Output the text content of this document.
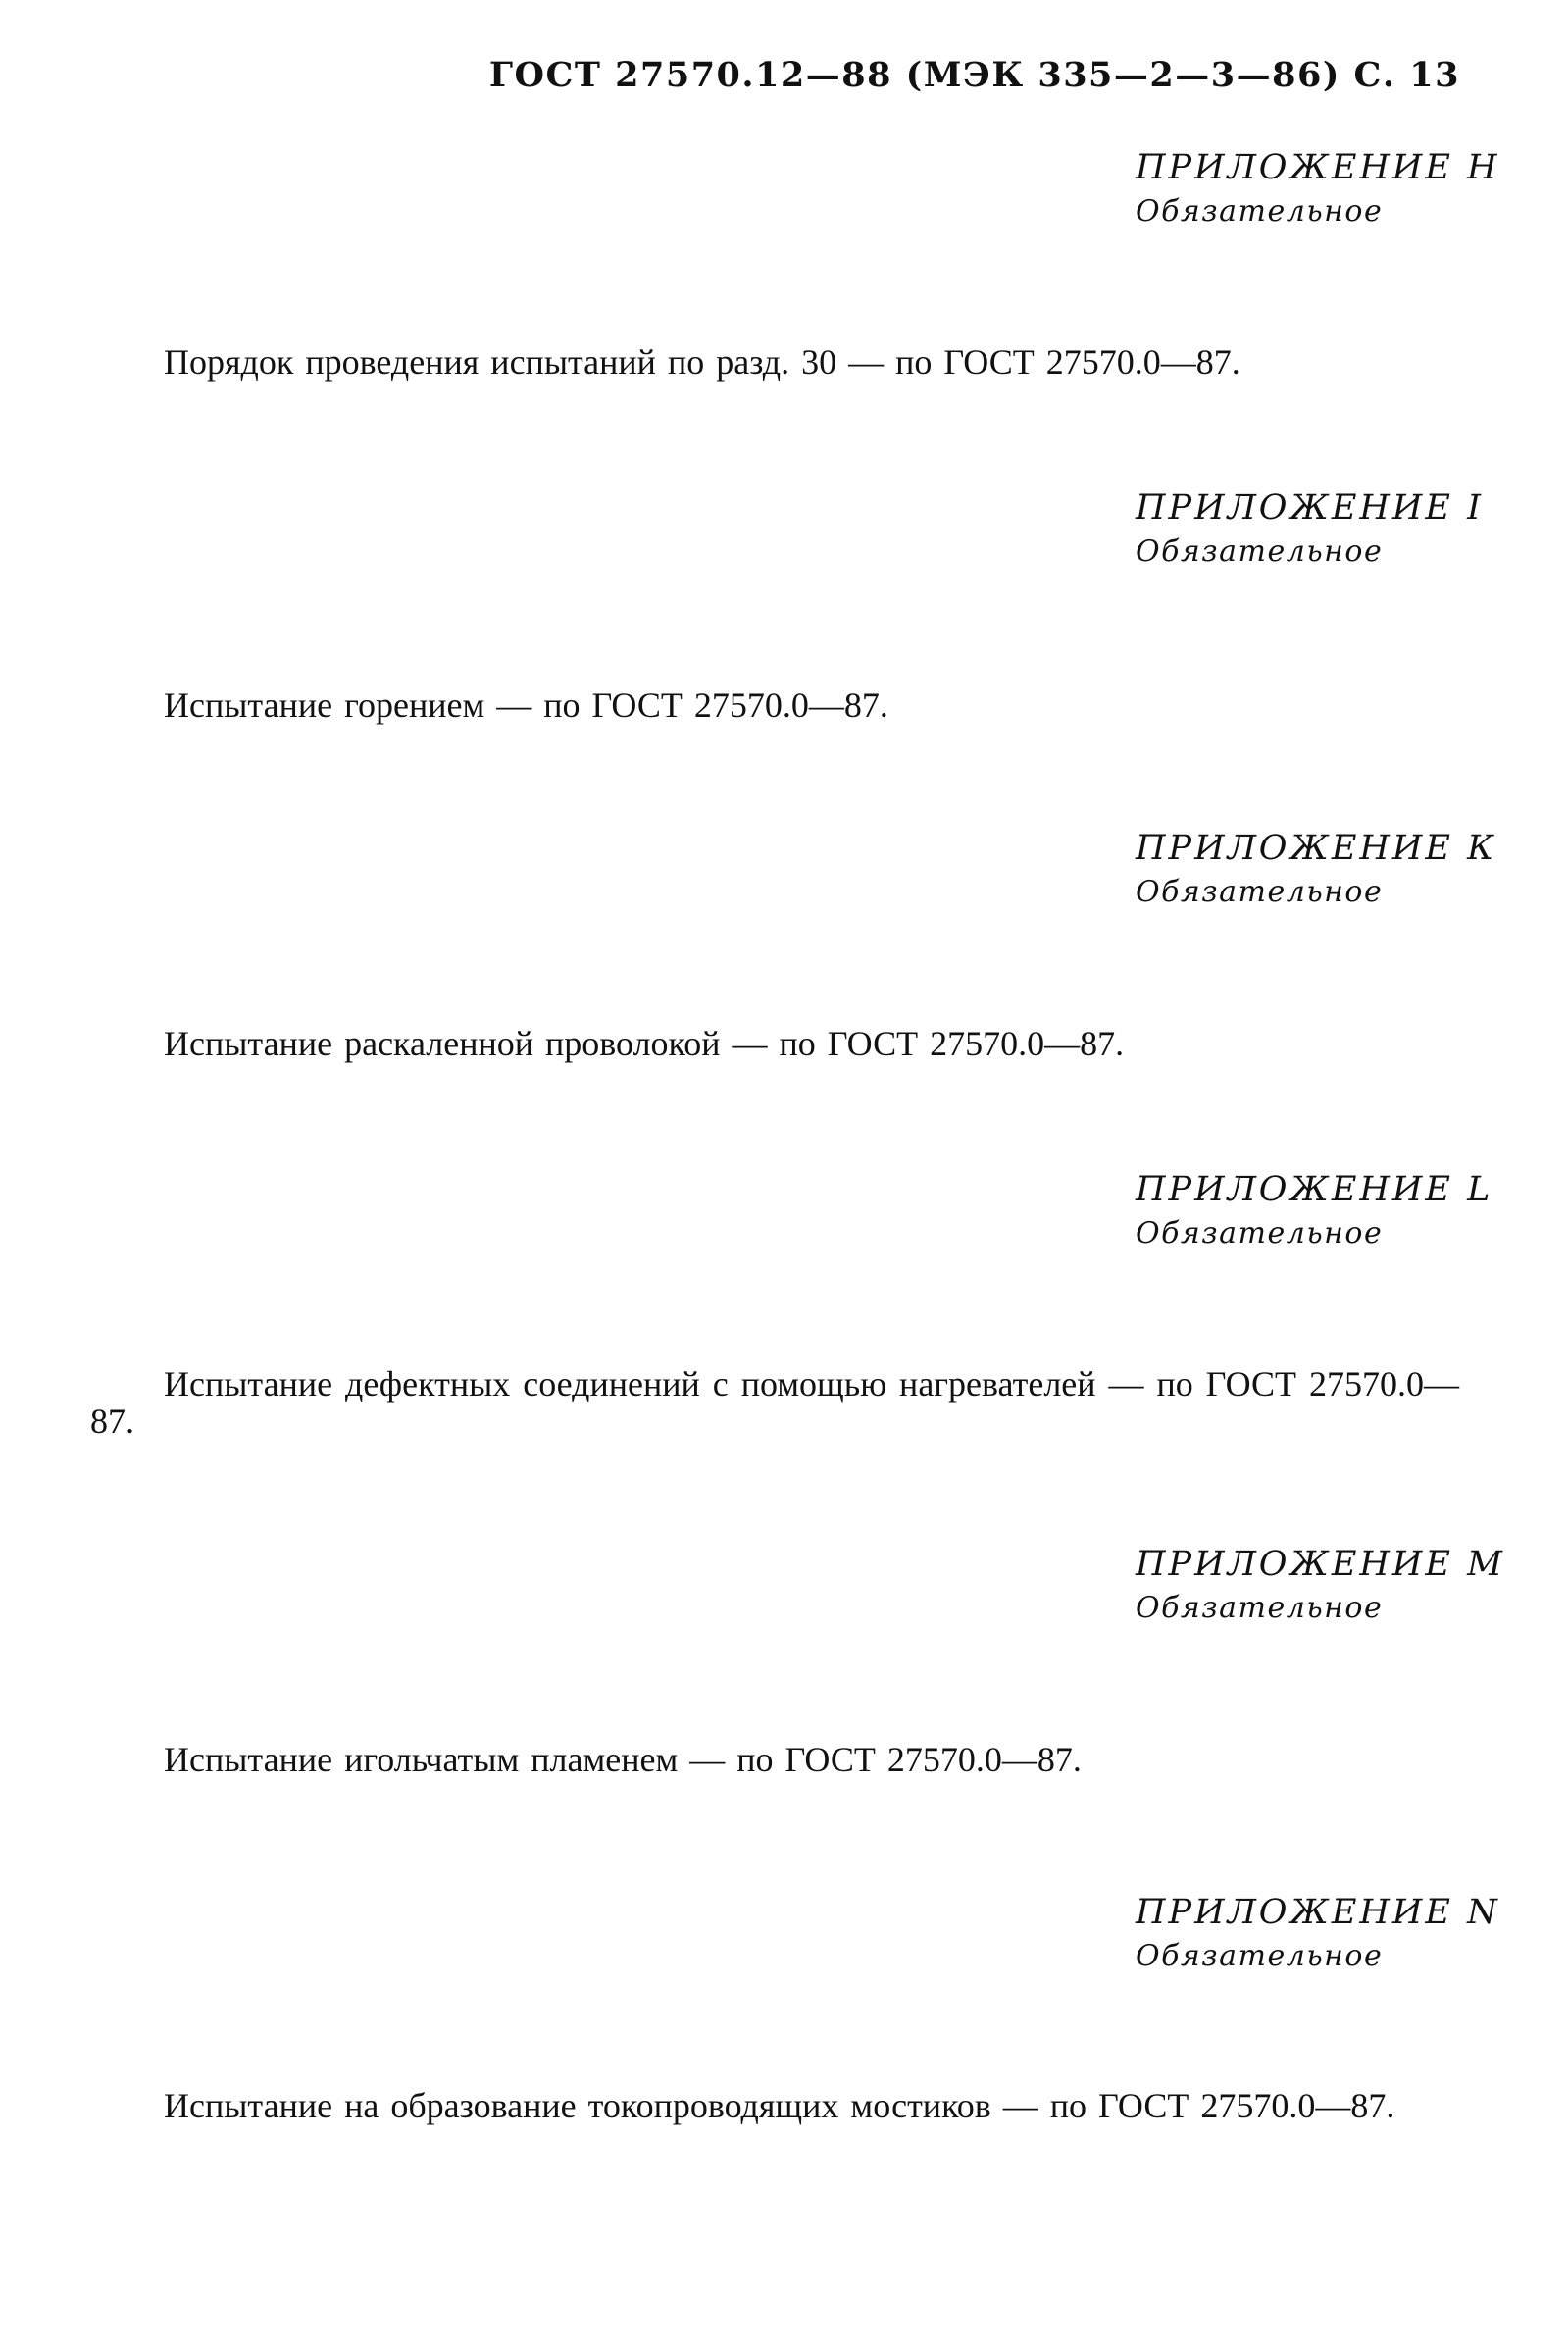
ГОСТ 27570.12—88 (МЭК 335—2—3—86) С. 13
ПРИЛОЖЕНИЕ Н
Обязательное
Порядок проведения испытаний по разд. 30 — по ГОСТ 27570.0—87.
ПРИЛОЖЕНИЕ I
Обязательное
Испытание горением — по ГОСТ 27570.0—87.
ПРИЛОЖЕНИЕ К
Обязательное
Испытание раскаленной проволокой — по ГОСТ 27570.0—87.
ПРИЛОЖЕНИЕ L
Обязательное
Испытание дефектных соединений с помощью нагревателей — по ГОСТ 27570.0—87.
ПРИЛОЖЕНИЕ М
Обязательное
Испытание игольчатым пламенем — по ГОСТ 27570.0—87.
ПРИЛОЖЕНИЕ N
Обязательное
Испытание на образование токопроводящих мостиков — по ГОСТ 27570.0—87.
